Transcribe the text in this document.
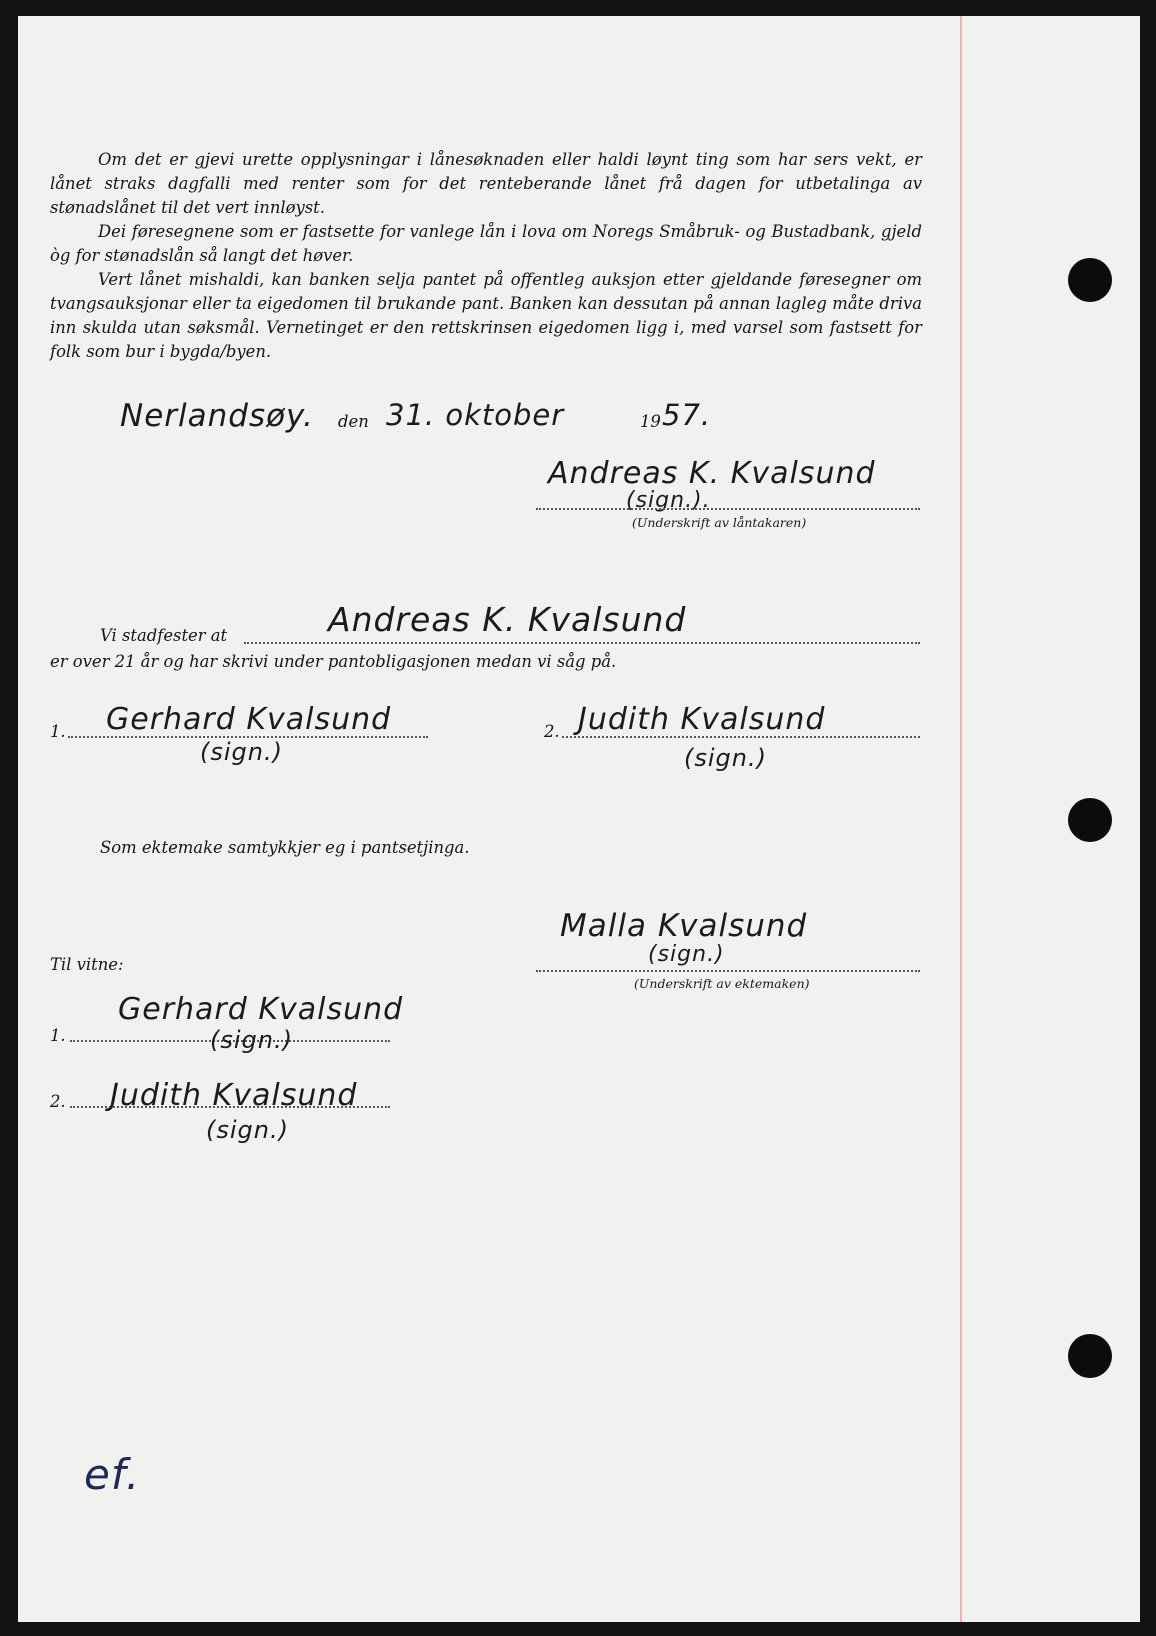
Om det er gjevi urette opplysningar i lånesøknaden eller haldi løynt ting som har sers vekt, er lånet straks dagfalli med renter som for det renteberande lånet frå dagen for utbetalinga av stønadslånet til det vert innløyst.

Dei føresegnene som er fastsette for vanlege lån i lova om Noregs Småbruk- og Bustadbank, gjeld òg for stønadslån så langt det høver.

Vert lånet mishaldi, kan banken selja pantet på offentleg auksjon etter gjeldande føresegner om tvangsauksjonar eller ta eigedomen til brukande pant. Banken kan dessutan på annan lagleg måte driva inn skulda utan søksmål. Vernetinget er den rettskrinsen eigedomen ligg i, med varsel som fastsett for folk som bur i bygda/byen.

Nerlandsøy. den 31. oktober	19 57.
Andreas K. Kvalsund
(sign.).
(Underskrift av låntakaren)
Vi stadfester at	Andreas K. Kvalsund
er over 21 år og har skrivi under pantobligasjonen medan vi såg på.
1. Gerhard Kvalsund
(sign.)
2. Judith Kvalsund
(sign.)
Som ektemake samtykkjer eg i pantsetjinga.
Malla Kvalsund
(sign.)
Til vitne:
(Underskrift av ektemaken)
1.
Gerhard Kvalsund
(sign.)
2. Judith Kvalsund
(sign.)
ef.
